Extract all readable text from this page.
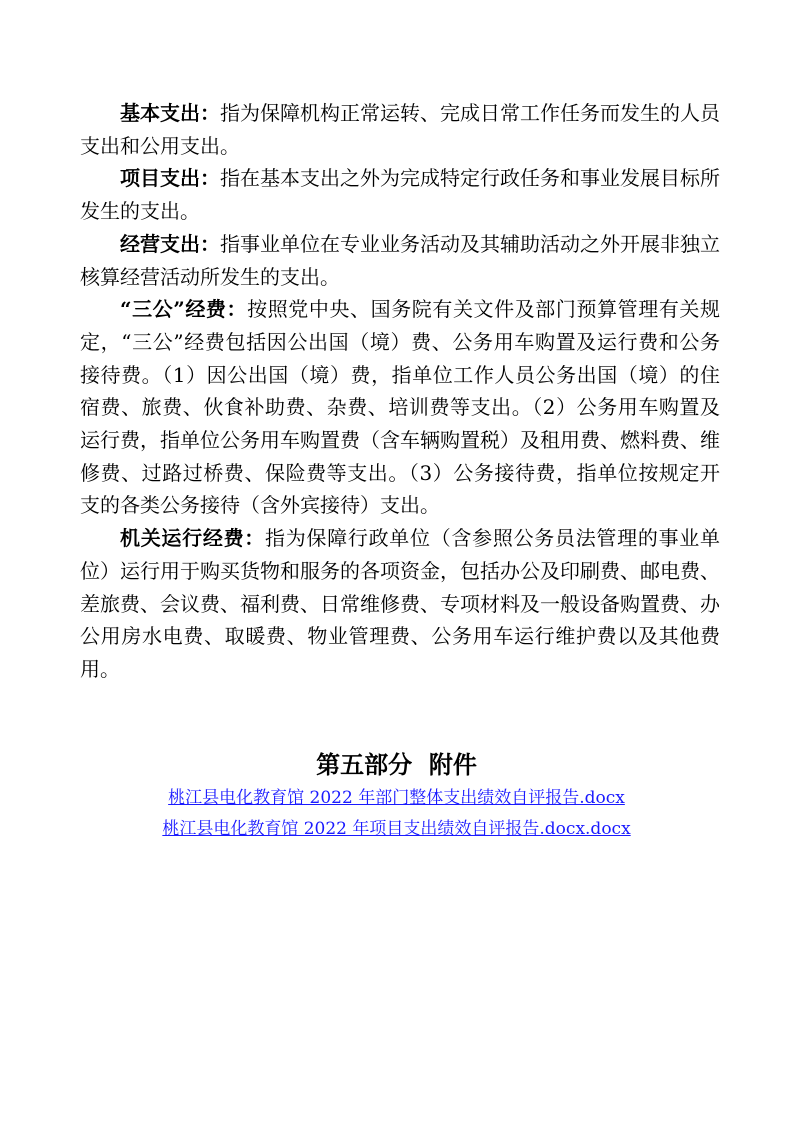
基本支出：指为保障机构正常运转、完成日常工作任务而发生的人员支出和公用支出。

项目支出：指在基本支出之外为完成特定行政任务和事业发展目标所发生的支出。

经营支出：指事业单位在专业业务活动及其辅助活动之外开展非独立核算经营活动所发生的支出。

“三公”经费：按照党中央、国务院有关文件及部门预算管理有关规定，“三公”经费包括因公出国（境）费、公务用车购置及运行费和公务接待费。（1）因公出国（境）费，指单位工作人员公务出国（境）的住宿费、旅费、伙食补助费、杂费、培训费等支出。（2）公务用车购置及运行费，指单位公务用车购置费（含车辆购置税）及租用费、燃料费、维修费、过路过桥费、保险费等支出。（3）公务接待费，指单位按规定开支的各类公务接待（含外宾接待）支出。

机关运行经费：指为保障行政单位（含参照公务员法管理的事业单位）运行用于购买货物和服务的各项资金，包括办公及印刷费、邮电费、差旅费、会议费、福利费、日常维修费、专项材料及一般设备购置费、办公用房水电费、取暖费、物业管理费、公务用车运行维护费以及其他费用。

第五部分  附件
桃江县电化教育馆 2022 年部门整体支出绩效自评报告.docx
桃江县电化教育馆 2022 年项目支出绩效自评报告.docx.docx
